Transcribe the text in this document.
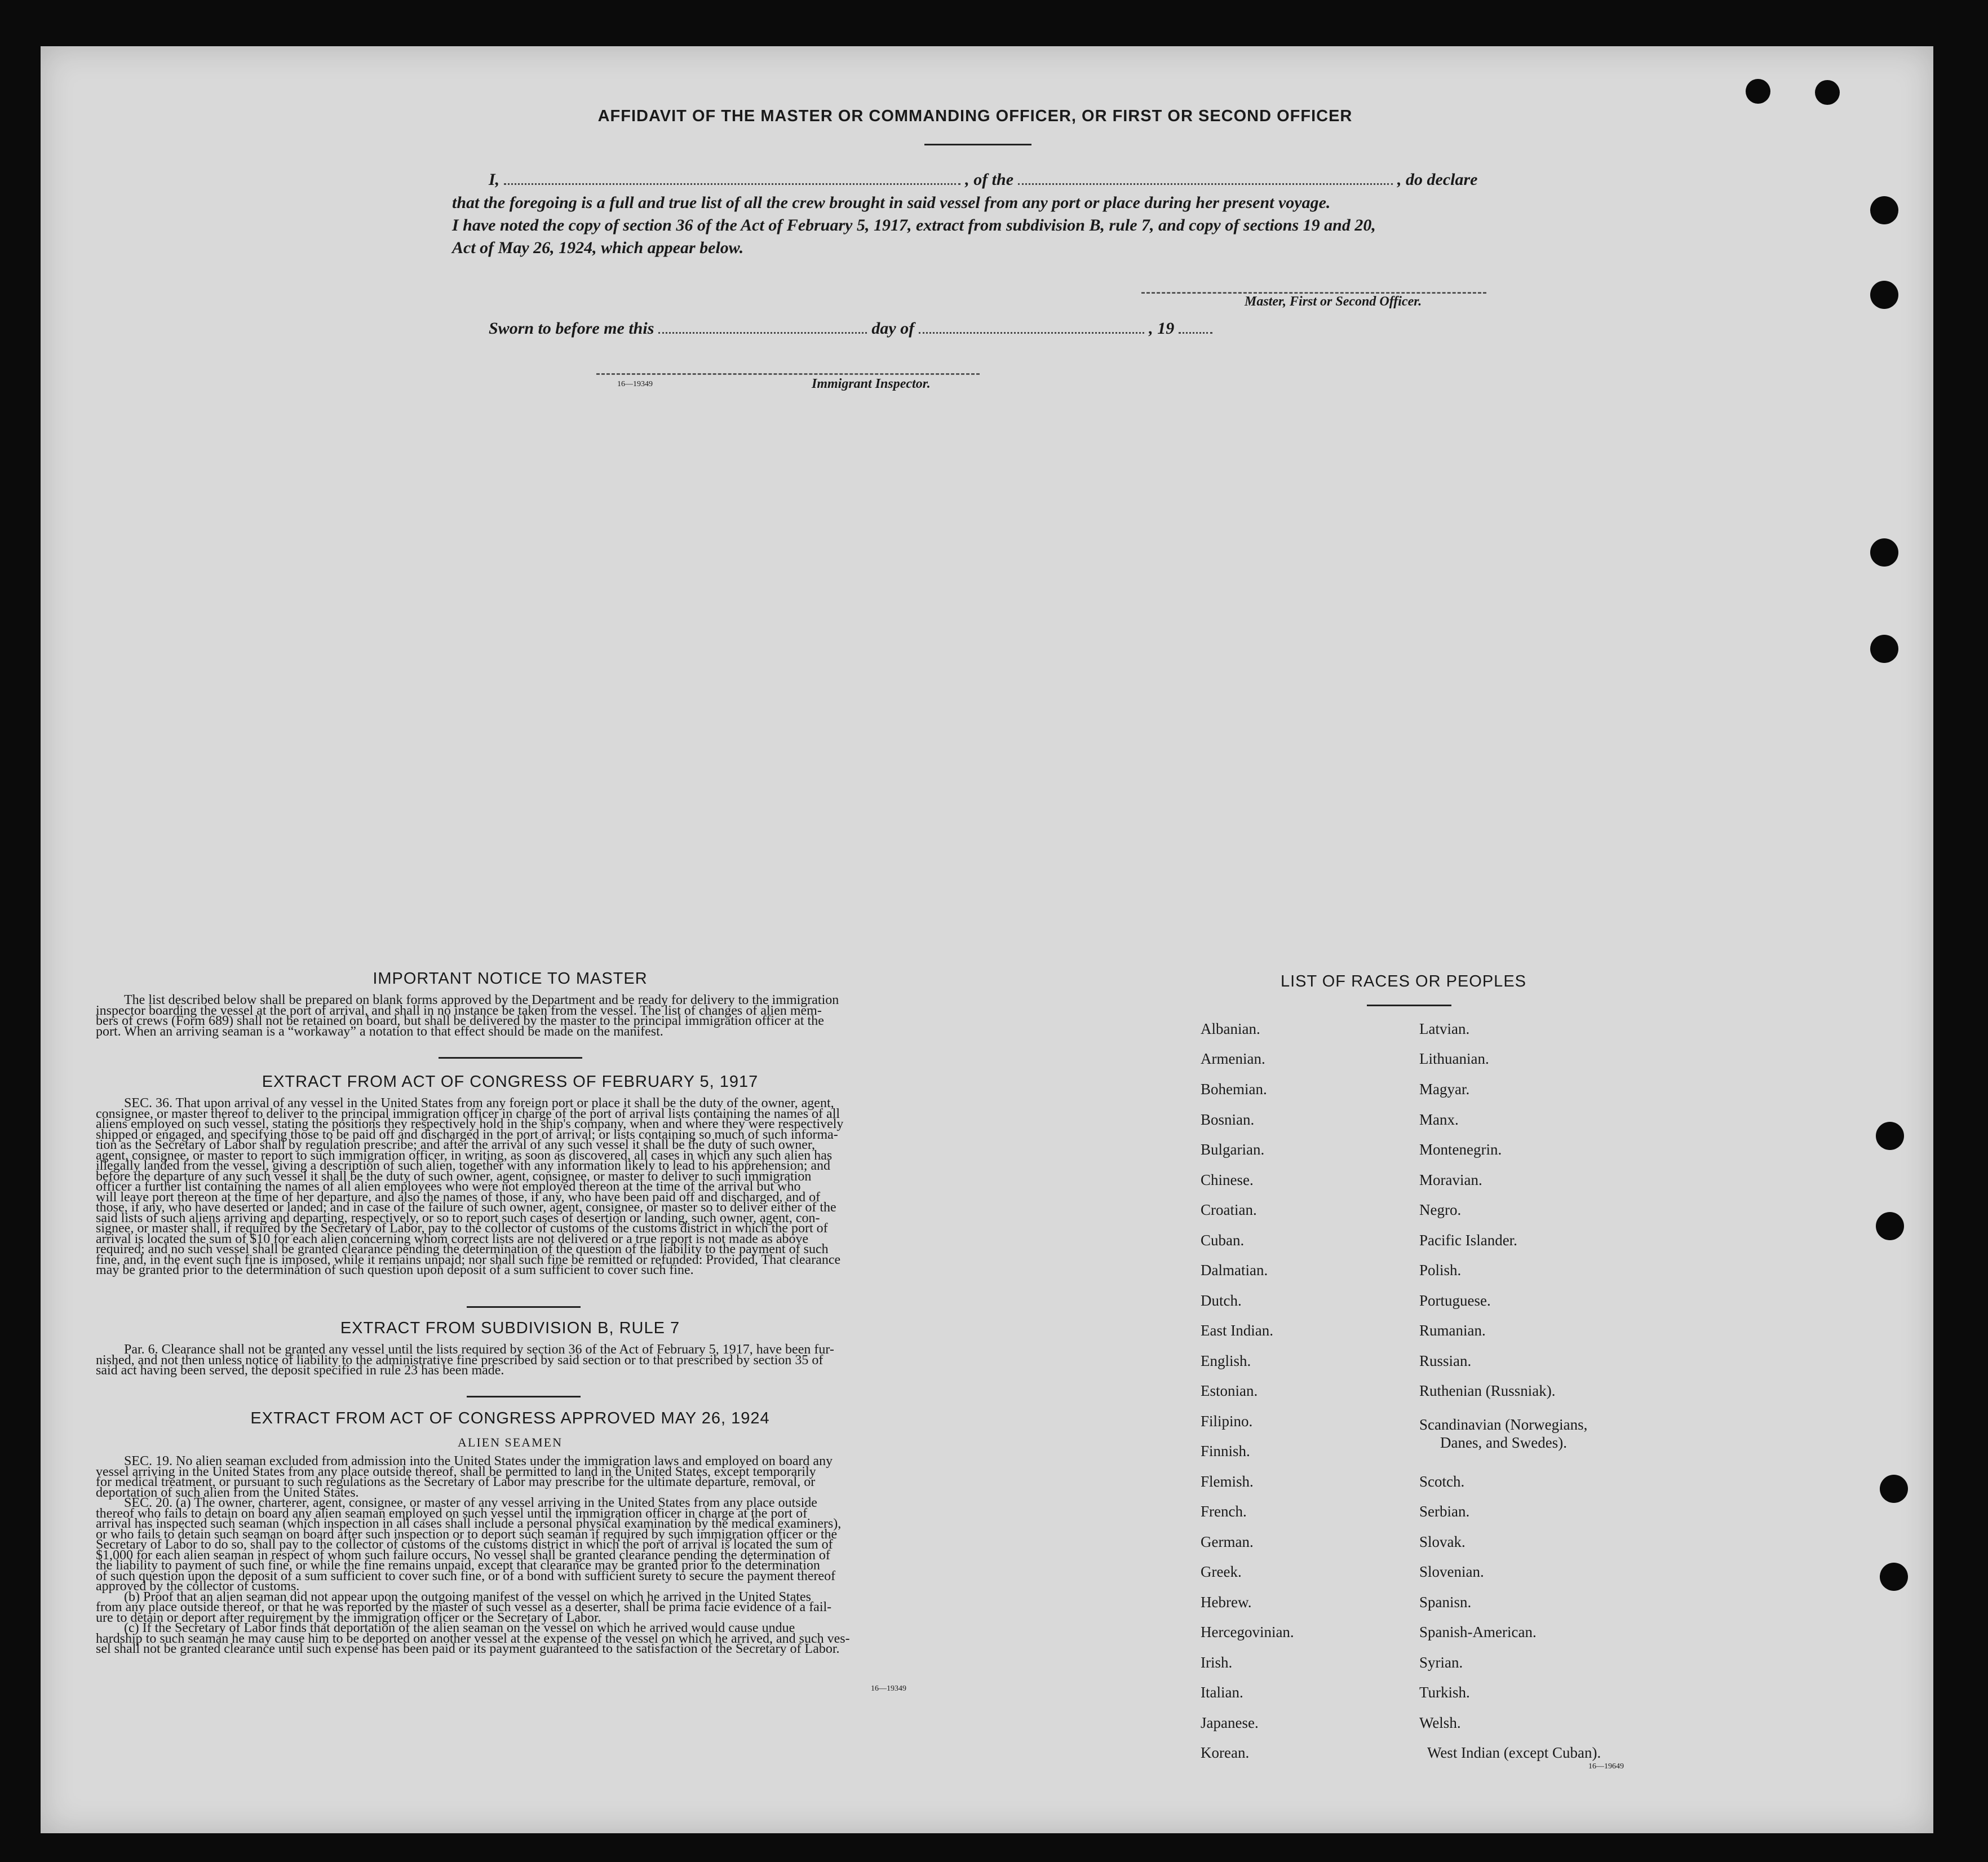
AFFIDAVIT OF THE MASTER OR COMMANDING OFFICER, OR FIRST OR SECOND OFFICER
I,	, of the	, do declare
that the foregoing is a full and true list of all the crew brought in said vessel from any port or place during her present voyage.
I have noted the copy of section 36 of the Act of February 5, 1917, extract from subdivision B, rule 7, and copy of sections 19 and 20,
Act of May 26, 1924, which appear below.
Master, First or Second Officer.
Sworn to before me this	day of	, 19
16—19349	Immigrant Inspector.
IMPORTANT NOTICE TO MASTER
The list described below shall be prepared on blank forms approved by the Department and be ready for delivery to the immigration
inspector boarding the vessel at the port of arrival, and shall in no instance be taken from the vessel. The list of changes of alien mem-
bers of crews (Form 689) shall not be retained on board, but shall be delivered by the master to the principal immigration officer at the
port. When an arriving seaman is a “workaway” a notation to that effect should be made on the manifest.
EXTRACT FROM ACT OF CONGRESS OF FEBRUARY 5, 1917
SEC. 36. That upon arrival of any vessel in the United States from any foreign port or place it shall be the duty of the owner, agent,
consignee, or master thereof to deliver to the principal immigration officer in charge of the port of arrival lists containing the names of all
aliens employed on such vessel, stating the positions they respectively hold in the ship's company, when and where they were respectively
shipped or engaged, and specifying those to be paid off and discharged in the port of arrival; or lists containing so much of such informa-
tion as the Secretary of Labor shall by regulation prescribe; and after the arrival of any such vessel it shall be the duty of such owner,
agent, consignee, or master to report to such immigration officer, in writing, as soon as discovered, all cases in which any such alien has
illegally landed from the vessel, giving a description of such alien, together with any information likely to lead to his apprehension; and
before the departure of any such vessel it shall be the duty of such owner, agent, consignee, or master to deliver to such immigration
officer a further list containing the names of all alien employees who were not employed thereon at the time of the arrival but who
will leave port thereon at the time of her departure, and also the names of those, if any, who have been paid off and discharged, and of
those, if any, who have deserted or landed; and in case of the failure of such owner, agent, consignee, or master so to deliver either of the
said lists of such aliens arriving and departing, respectively, or so to report such cases of desertion or landing, such owner, agent, con-
signee, or master shall, if required by the Secretary of Labor, pay to the collector of customs of the customs district in which the port of
arrival is located the sum of $10 for each alien concerning whom correct lists are not delivered or a true report is not made as above
required; and no such vessel shall be granted clearance pending the determination of the question of the liability to the payment of such
fine, and, in the event such fine is imposed, while it remains unpaid; nor shall such fine be remitted or refunded: Provided, That clearance
may be granted prior to the determination of such question upon deposit of a sum sufficient to cover such fine.
EXTRACT FROM SUBDIVISION B, RULE 7
Par. 6. Clearance shall not be granted any vessel until the lists required by section 36 of the Act of February 5, 1917, have been fur-
nished, and not then unless notice of liability to the administrative fine prescribed by said section or to that prescribed by section 35 of
said act having been served, the deposit specified in rule 23 has been made.
EXTRACT FROM ACT OF CONGRESS APPROVED MAY 26, 1924
ALIEN SEAMEN
SEC. 19. No alien seaman excluded from admission into the United States under the immigration laws and employed on board any
vessel arriving in the United States from any place outside thereof, shall be permitted to land in the United States, except temporarily
for medical treatment, or pursuant to such regulations as the Secretary of Labor may prescribe for the ultimate departure, removal, or
deportation of such alien from the United States.
SEC. 20. (a) The owner, charterer, agent, consignee, or master of any vessel arriving in the United States from any place outside
thereof who fails to detain on board any alien seaman employed on such vessel until the immigration officer in charge at the port of
arrival has inspected such seaman (which inspection in all cases shall include a personal physical examination by the medical examiners),
or who fails to detain such seaman on board after such inspection or to deport such seaman if required by such immigration officer or the
Secretary of Labor to do so, shall pay to the collector of customs of the customs district in which the port of arrival is located the sum of
$1,000 for each alien seaman in respect of whom such failure occurs. No vessel shall be granted clearance pending the determination of
the liability to payment of such fine, or while the fine remains unpaid, except that clearance may be granted prior to the determination
of such question upon the deposit of a sum sufficient to cover such fine, or of a bond with sufficient surety to secure the payment thereof
approved by the collector of customs.
(b) Proof that an alien seaman did not appear upon the outgoing manifest of the vessel on which he arrived in the United States
from any place outside thereof, or that he was reported by the master of such vessel as a deserter, shall be prima facie evidence of a fail-
ure to detain or deport after requirement by the immigration officer or the Secretary of Labor.
(c) If the Secretary of Labor finds that deportation of the alien seaman on the vessel on which he arrived would cause undue
hardship to such seaman he may cause him to be deported on another vessel at the expense of the vessel on which he arrived, and such ves-
sel shall not be granted clearance until such expense has been paid or its payment guaranteed to the satisfaction of the Secretary of Labor.
16—19349
LIST OF RACES OR PEOPLES
Albanian.
Armenian.
Bohemian.
Bosnian.
Bulgarian.
Chinese.
Croatian.
Cuban.
Dalmatian.
Dutch.
East Indian.
English.
Estonian.
Filipino.
Finnish.
Flemish.
French.
German.
Greek.
Hebrew.
Hercegovinian.
Irish.
Italian.
Japanese.
Korean.
Latvian.
Lithuanian.
Magyar.
Manx.
Montenegrin.
Moravian.
Negro.
Pacific Islander.
Polish.
Portuguese.
Rumanian.
Russian.
Ruthenian (Russniak).
Scandinavian (Norwegians,
Danes, and Swedes).
Scotch.
Serbian.
Slovak.
Slovenian.
Spanisn.
Spanish-American.
Syrian.
Turkish.
Welsh.
West Indian (except Cuban).
16—19649
